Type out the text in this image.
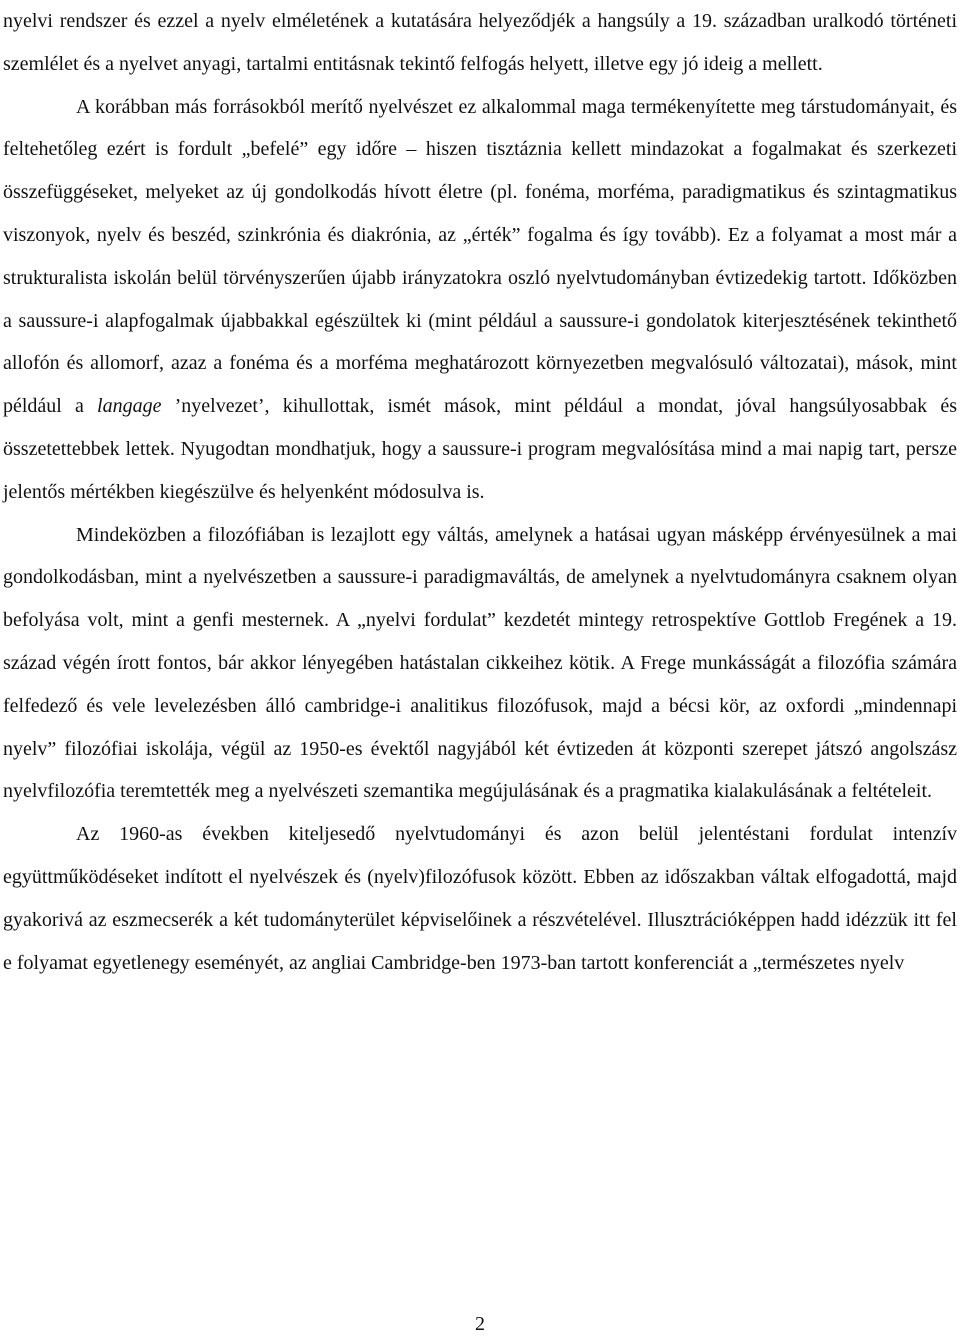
nyelvi rendszer és ezzel a nyelv elméletének a kutatására helyeződjék a hangsúly a 19. században uralkodó történeti szemlélet és a nyelvet anyagi, tartalmi entitásnak tekintő felfogás helyett, illetve egy jó ideig a mellett.

A korábban más forrásokból merítő nyelvészet ez alkalommal maga termékenyítette meg társtudományait, és feltehetőleg ezért is fordult „befelé” egy időre – hiszen tisztáznia kellett mindazokat a fogalmakat és szerkezeti összefüggéseket, melyeket az új gondolkodás hívott életre (pl. fonéma, morféma, paradigmatikus és szintagmatikus viszonyok, nyelv és beszéd, szinkrónia és diakrónia, az „érték” fogalma és így tovább). Ez a folyamat a most már a strukturalista iskolán belül törvényszerűen újabb irányzatokra oszló nyelvtudományban évtizedekig tartott. Időközben a saussure-i alapfogalmak újabbakkal egészültek ki (mint például a saussure-i gondolatok kiterjesztésének tekinthető allofón és allomorf, azaz a fonéma és a morféma meghatározott környezetben megvalósuló változatai), mások, mint például a langage ’nyelvezet’, kihullottak, ismét mások, mint például a mondat, jóval hangsúlyosabbak és összetettebbek lettek. Nyugodtan mondhatjuk, hogy a saussure-i program megvalósítása mind a mai napig tart, persze jelentős mértékben kiegészülve és helyenként módosulva is.

Mindeközben a filozófiában is lezajlott egy váltás, amelynek a hatásai ugyan másképp érvényesülnek a mai gondolkodásban, mint a nyelvészetben a saussure-i paradigmaváltás, de amelynek a nyelvtudományra csaknem olyan befolyása volt, mint a genfi mesternek. A „nyelvi fordulat” kezdetét mintegy retrospektíve Gottlob Fregének a 19. század végén írott fontos, bár akkor lényegében hatástalan cikkeihez kötik. A Frege munkásságát a filozófia számára felfedező és vele levelezésben álló cambridge-i analitikus filozófusok, majd a bécsi kör, az oxfordi „mindennapi nyelv” filozófiai iskolája, végül az 1950-es évektől nagyjából két évtizeden át központi szerepet játszó angolszász nyelvfilozófia teremtették meg a nyelvészeti szemantika megújulásának és a pragmatika kialakulásának a feltételeit.

Az 1960-as években kiteljesedő nyelvtudományi és azon belül jelentéstani fordulat intenzív együttműködéseket indított el nyelvészek és (nyelv)filozófusok között. Ebben az időszakban váltak elfogadottá, majd gyakorivá az eszmecserék a két tudományterület képviselőinek a részvételével. Illusztrációképpen hadd idézzük itt fel e folyamat egyetlenegy eseményét, az angliai Cambridge-ben 1973-ban tartott konferenciát a „természetes nyelv

2
